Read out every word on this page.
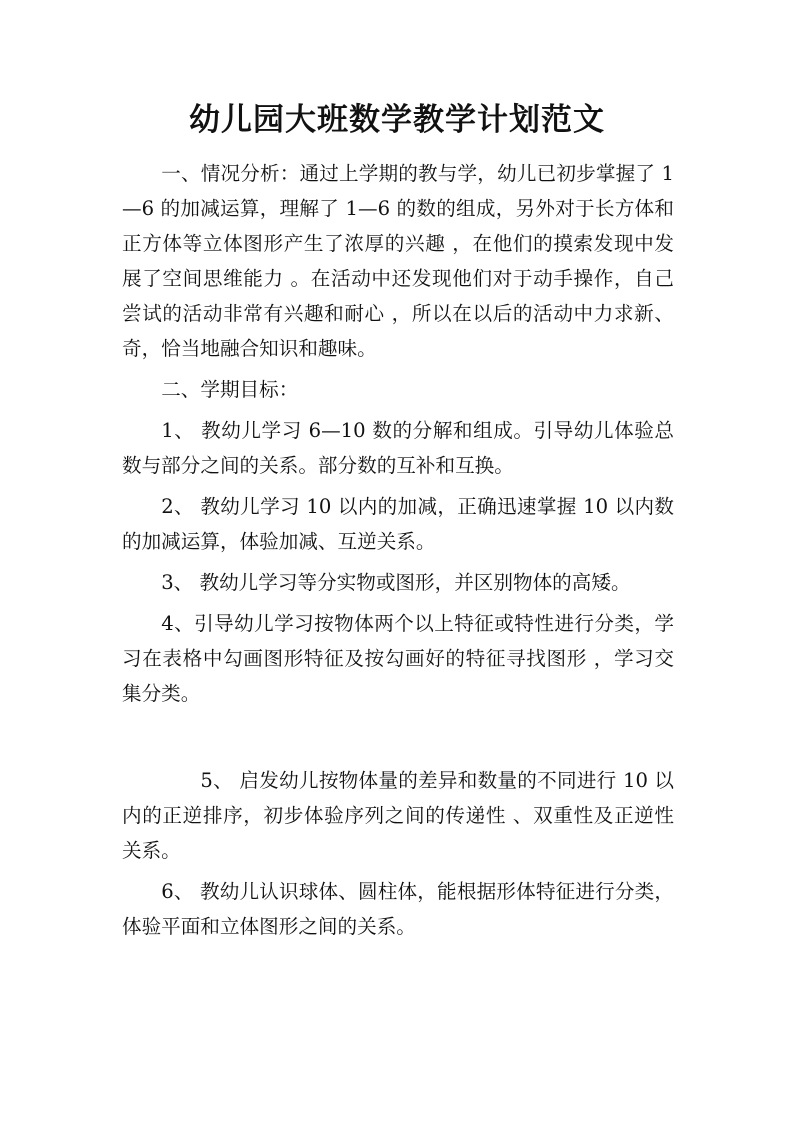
幼儿园大班数学教学计划范文

一、情况分析：通过上学期的教与学，幼儿已初步掌握了 1—6 的加减运算，理解了 1—6 的数的组成，另外对于长方体和正方体等立体图形产生了浓厚的兴趣 ，在他们的摸索发现中发展了空间思维能力 。在活动中还发现他们对于动手操作，自己尝试的活动非常有兴趣和耐心 ，所以在以后的活动中力求新、奇，恰当地融合知识和趣味。

二、学期目标：

1、 教幼儿学习 6—10 数的分解和组成。引导幼儿体验总数与部分之间的关系。部分数的互补和互换。

2、 教幼儿学习 10 以内的加减，正确迅速掌握 10 以内数的加减运算，体验加减、互逆关系。

3、 教幼儿学习等分实物或图形，并区别物体的高矮。

4、引导幼儿学习按物体两个以上特征或特性进行分类，学习在表格中勾画图形特征及按勾画好的特征寻找图形 ，学习交集分类。

5、 启发幼儿按物体量的差异和数量的不同进行 10 以内的正逆排序，初步体验序列之间的传递性 、双重性及正逆性关系。

6、 教幼儿认识球体、圆柱体，能根据形体特征进行分类，体验平面和立体图形之间的关系。
